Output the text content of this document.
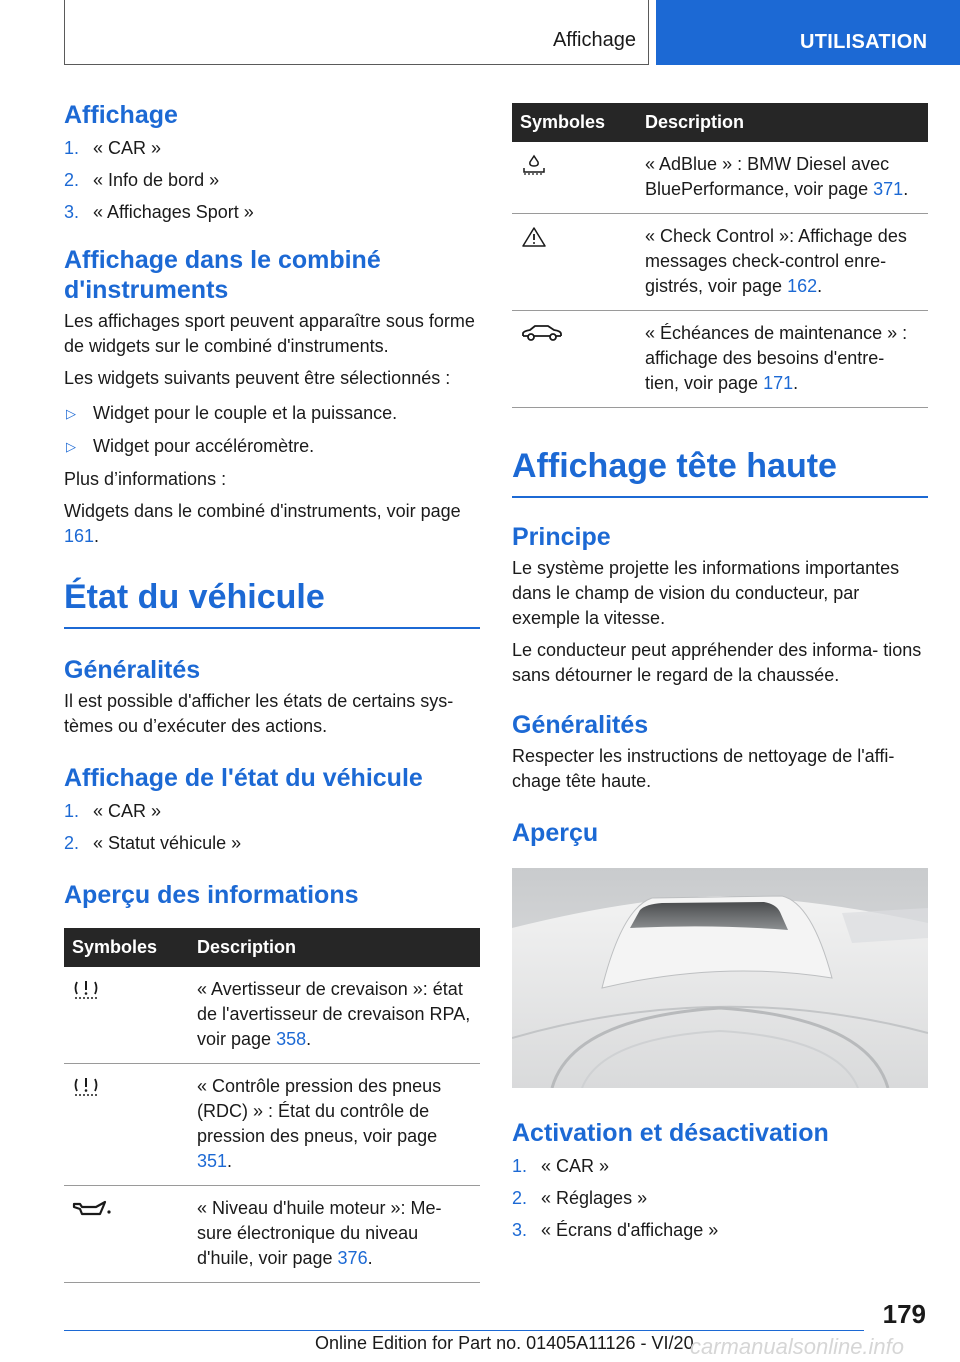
Affichage	UTILISATION
Affichage
1. « CAR »
2. « Info de bord »
3. « Affichages Sport »
Affichage dans le combiné d'instruments

Les affichages sport peuvent apparaître sous forme de widgets sur le combiné d'instruments.

Les widgets suivants peuvent être sélectionnés :

▷ Widget pour le couple et la puissance.
▷ Widget pour accéléromètre.

Plus d’informations :

Widgets dans le combiné d'instruments, voir page 161.

État du véhicule
Généralités

Il est possible d'afficher les états de certains sys‐ tèmes ou d’exécuter des actions.

Affichage de l'état du véhicule
1. « CAR »
2. « Statut véhicule »
Aperçu des informations
Symboles	Description

	« Avertisseur de crevaison »: état de l'avertisseur de crevaison RPA, voir page 358.

	« Contrôle pression des pneus (RDC) » : État du contrôle de pression des pneus, voir page 351.

	« Niveau d'huile moteur »: Me‐ sure électronique du niveau d'huile, voir page 376.
Symboles	Description

	« AdBlue » : BMW Diesel avec BluePerformance, voir page 371.

	« Check Control »: Affichage des messages check-control enre‐ gistrés, voir page 162.

	« Échéances de maintenance » : affichage des besoins d'entre‐ tien, voir page 171.
Affichage tête haute
Principe

Le système projette les informations importantes dans le champ de vision du conducteur, par exemple la vitesse.

Le conducteur peut appréhender des informa‐ tions sans détourner le regard de la chaussée.

Généralités

Respecter les instructions de nettoyage de l'affi‐ chage tête haute.

Aperçu
Activation et désactivation
1. « CAR »
2. « Réglages »
3. « Écrans d'affichage »
179
Online Edition for Part no. 01405A11126 - VI/20
carmanualsonline.info
